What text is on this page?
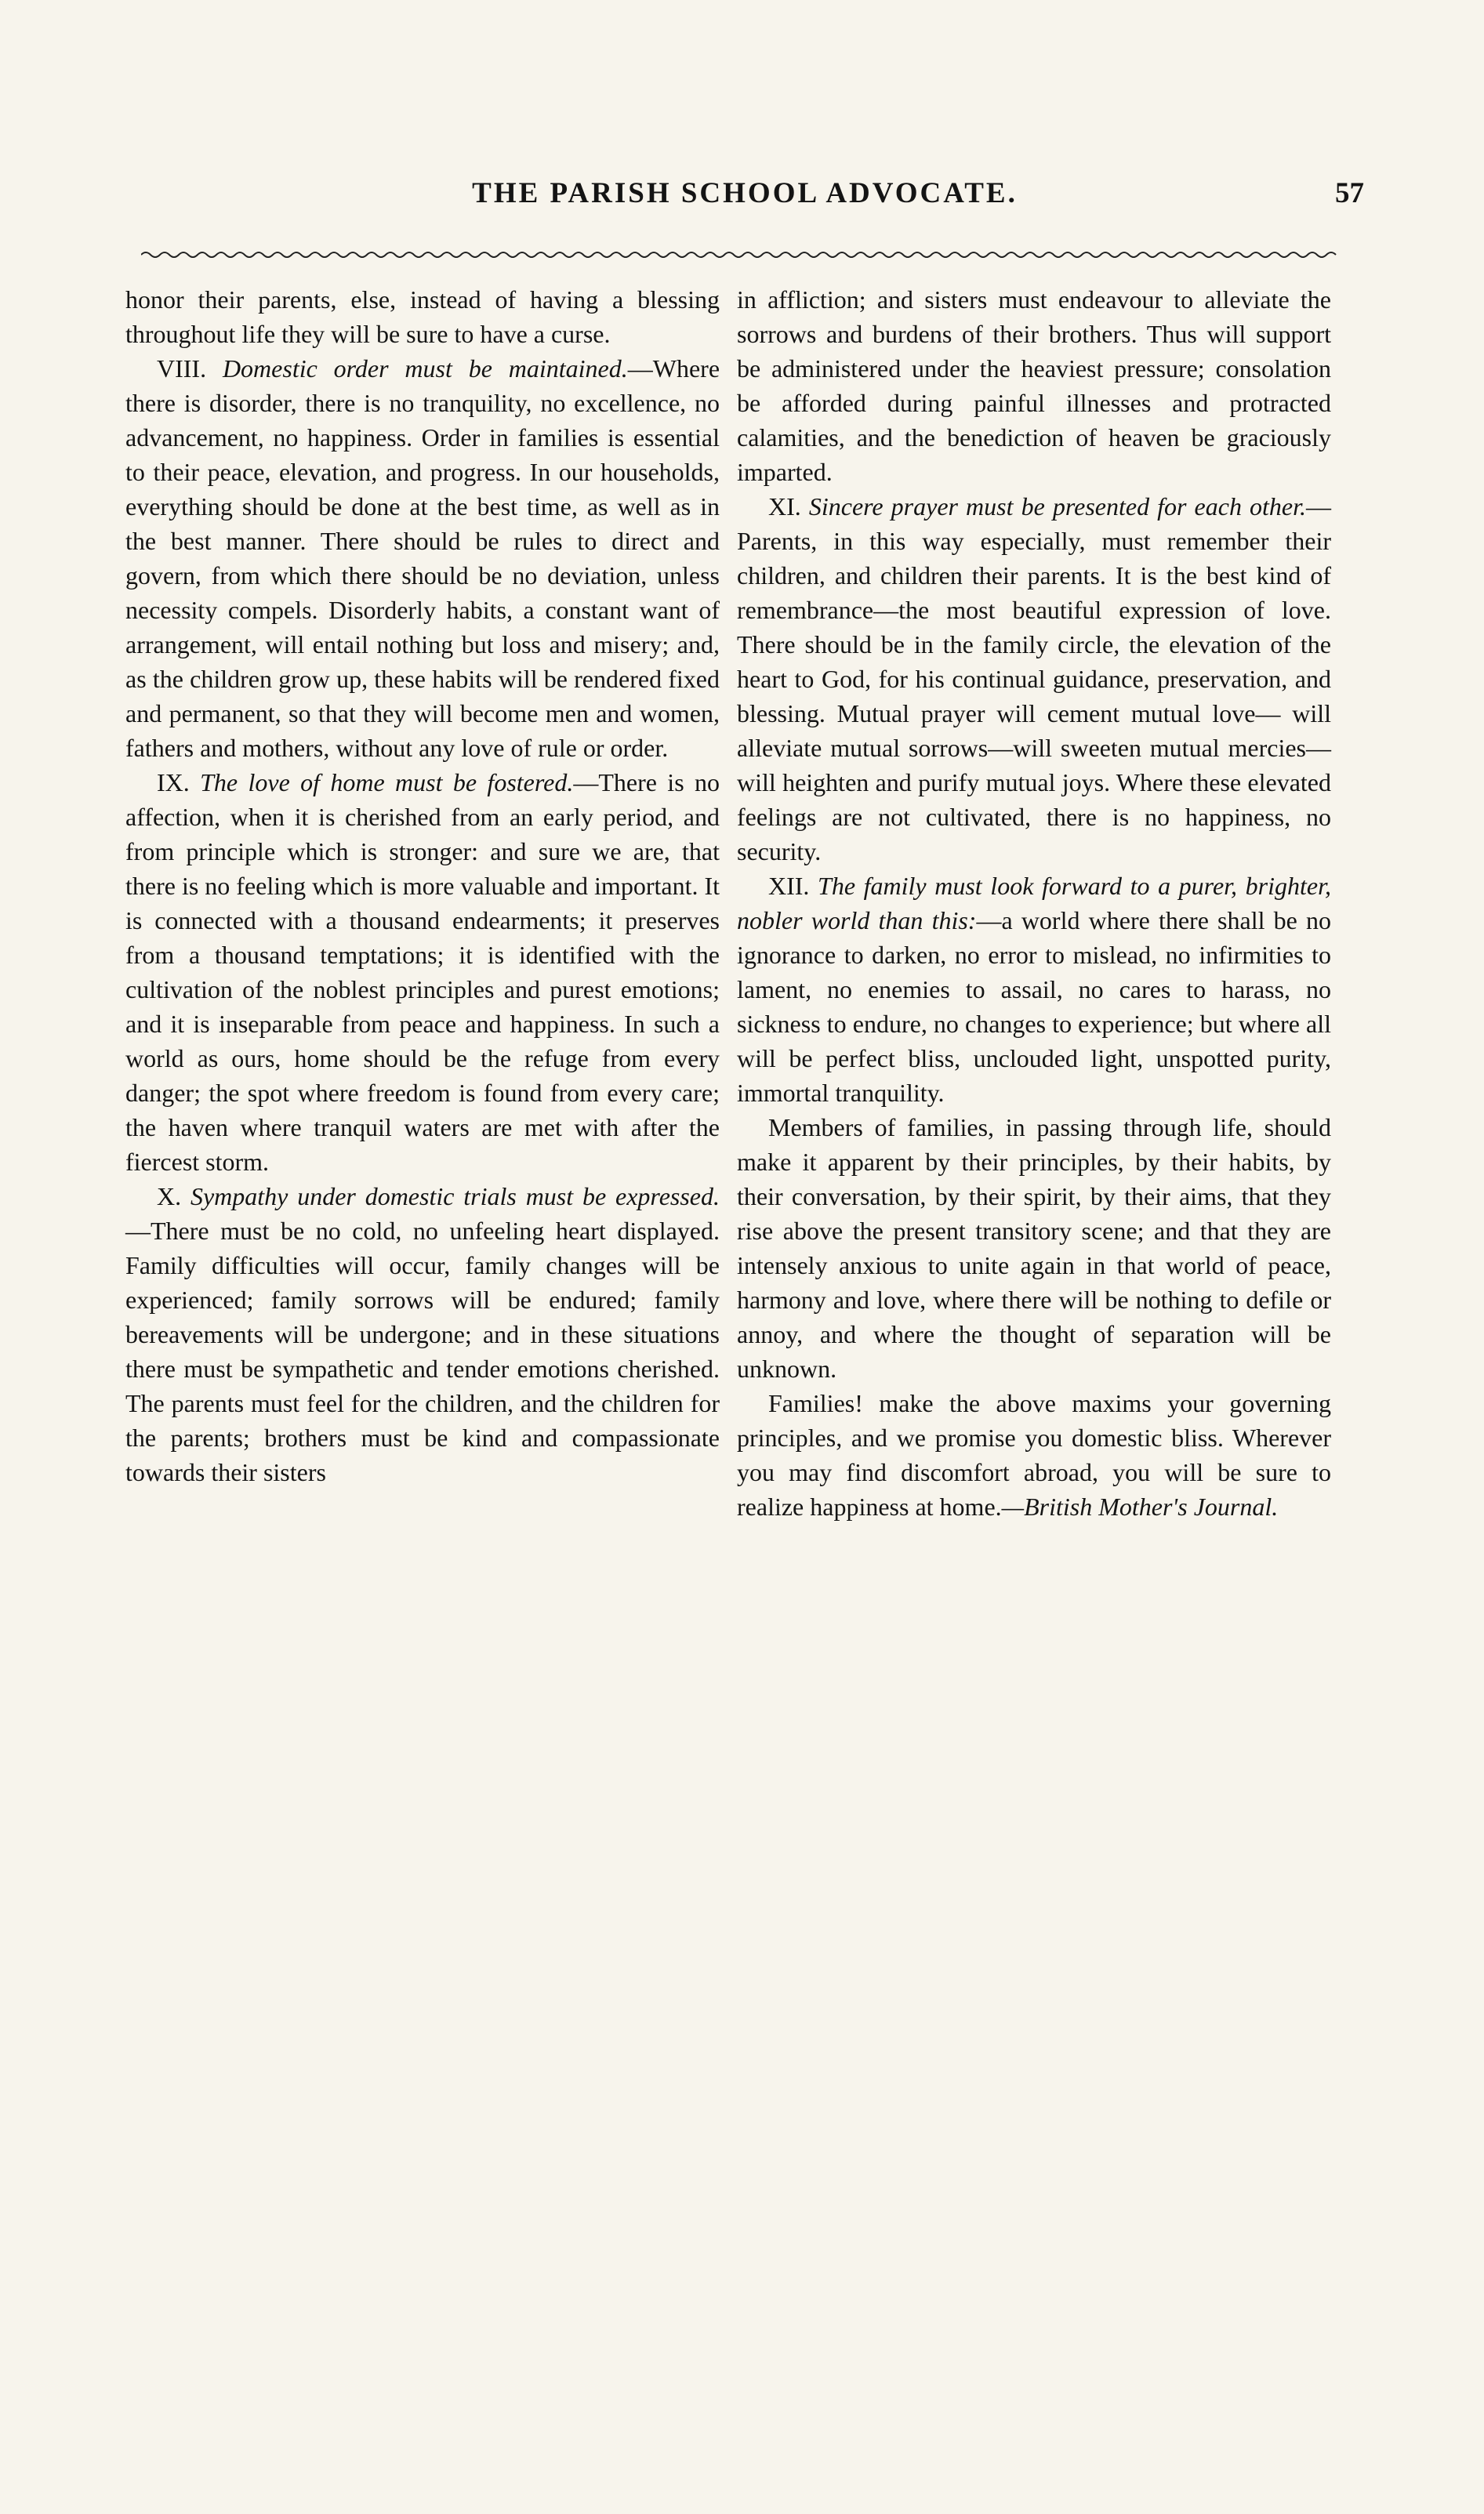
THE PARISH SCHOOL ADVOCATE.	57

honor their parents, else, instead of having a blessing throughout life they will be sure to have a curse.

VIII. Domestic order must be maintained.—Where there is disorder, there is no tranquility, no excellence, no advancement, no happiness. Order in families is essential to their peace, elevation, and progress. In our households, everything should be done at the best time, as well as in the best manner. There should be rules to direct and govern, from which there should be no deviation, unless necessity compels. Disorderly habits, a constant want of arrangement, will entail nothing but loss and misery; and, as the children grow up, these habits will be rendered fixed and permanent, so that they will become men and women, fathers and mothers, without any love of rule or order.

IX. The love of home must be fostered.—There is no affection, when it is cherished from an early period, and from principle which is stronger: and sure we are, that there is no feeling which is more valuable and important. It is connected with a thousand endearments; it preserves from a thousand temptations; it is identified with the cultivation of the noblest principles and purest emotions; and it is inseparable from peace and happiness. In such a world as ours, home should be the refuge from every danger; the spot where freedom is found from every care; the haven where tranquil waters are met with after the fiercest storm.

X. Sympathy under domestic trials must be expressed.—There must be no cold, no unfeeling heart displayed. Family difficulties will occur, family changes will be experienced; family sorrows will be endured; family bereavements will be undergone; and in these situations there must be sympathetic and tender emotions cherished. The parents must feel for the children, and the children for the parents; brothers must be kind and compassionate towards their sisters

in affliction; and sisters must endeavour to alleviate the sorrows and burdens of their brothers. Thus will support be administered under the heaviest pressure; consolation be afforded during painful illnesses and protracted calamities, and the benediction of heaven be graciously imparted.

XI. Sincere prayer must be presented for each other.—Parents, in this way especially, must remember their children, and children their parents. It is the best kind of remembrance—the most beautiful expression of love. There should be in the family circle, the elevation of the heart to God, for his continual guidance, preservation, and blessing. Mutual prayer will cement mutual love— will alleviate mutual sorrows—will sweeten mutual mercies—will heighten and purify mutual joys. Where these elevated feelings are not cultivated, there is no happiness, no security.

XII. The family must look forward to a purer, brighter, nobler world than this:—a world where there shall be no ignorance to darken, no error to mislead, no infirmities to lament, no enemies to assail, no cares to harass, no sickness to endure, no changes to experience; but where all will be perfect bliss, unclouded light, unspotted purity, immortal tranquility.

Members of families, in passing through life, should make it apparent by their principles, by their habits, by their conversation, by their spirit, by their aims, that they rise above the present transitory scene; and that they are intensely anxious to unite again in that world of peace, harmony and love, where there will be nothing to defile or annoy, and where the thought of separation will be unknown.

Families! make the above maxims your governing principles, and we promise you domestic bliss. Wherever you may find discomfort abroad, you will be sure to realize happiness at home.—British Mother's Journal.
